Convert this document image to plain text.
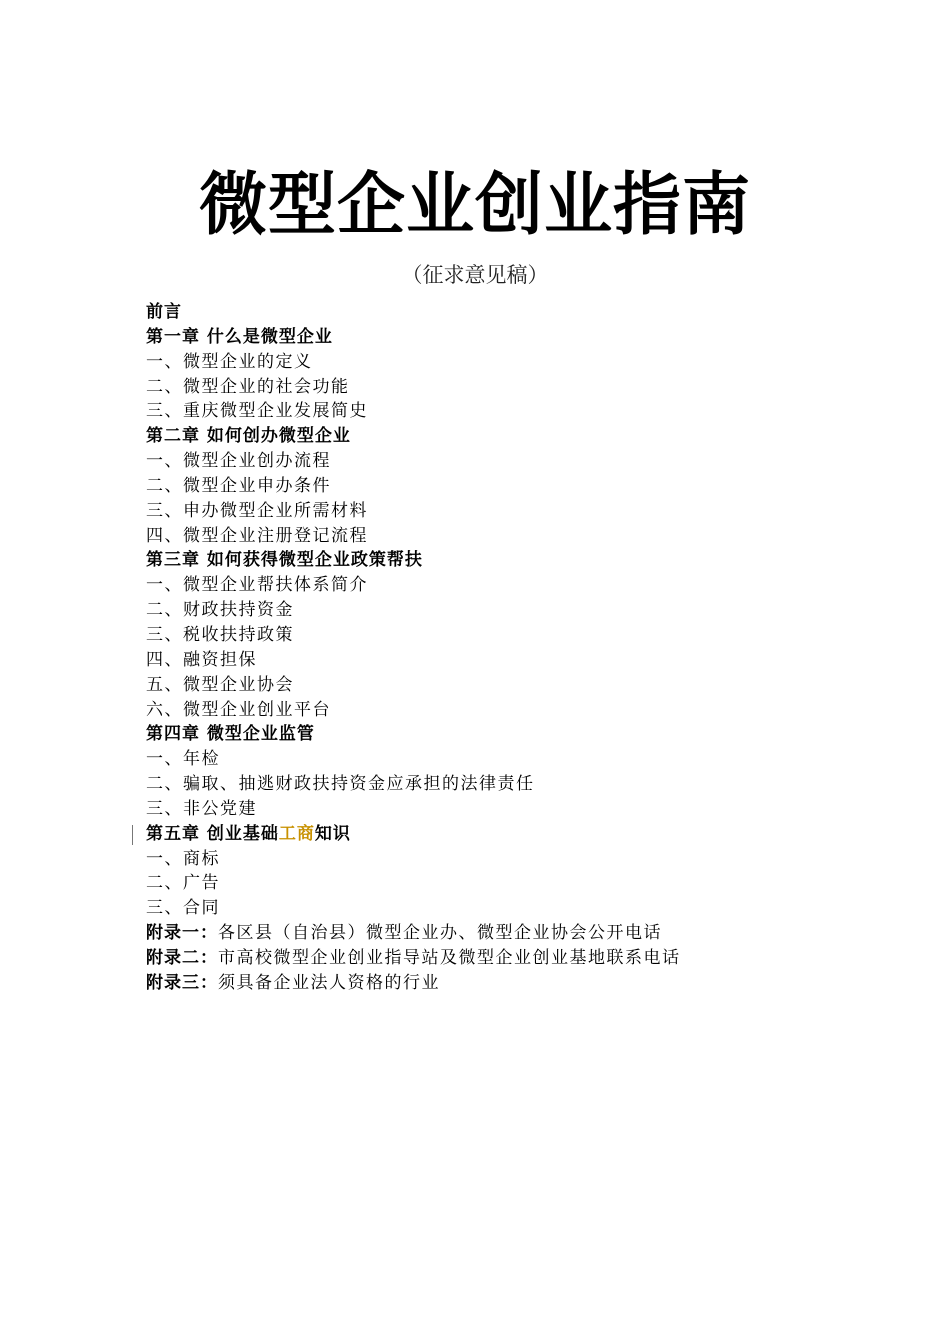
微型企业创业指南
（征求意见稿）
前言
第一章 什么是微型企业
一、微型企业的定义
二、微型企业的社会功能
三、重庆微型企业发展简史
第二章 如何创办微型企业
一、微型企业创办流程
二、微型企业申办条件
三、申办微型企业所需材料
四、微型企业注册登记流程
第三章 如何获得微型企业政策帮扶
一、微型企业帮扶体系简介
二、财政扶持资金
三、税收扶持政策
四、融资担保
五、微型企业协会
六、微型企业创业平台
第四章 微型企业监管
一、年检
二、骗取、抽逃财政扶持资金应承担的法律责任
三、非公党建
第五章 创业基础工商知识
一、商标
二、广告
三、合同
附录一：各区县（自治县）微型企业办、微型企业协会公开电话
附录二：市高校微型企业创业指导站及微型企业创业基地联系电话
附录三：须具备企业法人资格的行业
